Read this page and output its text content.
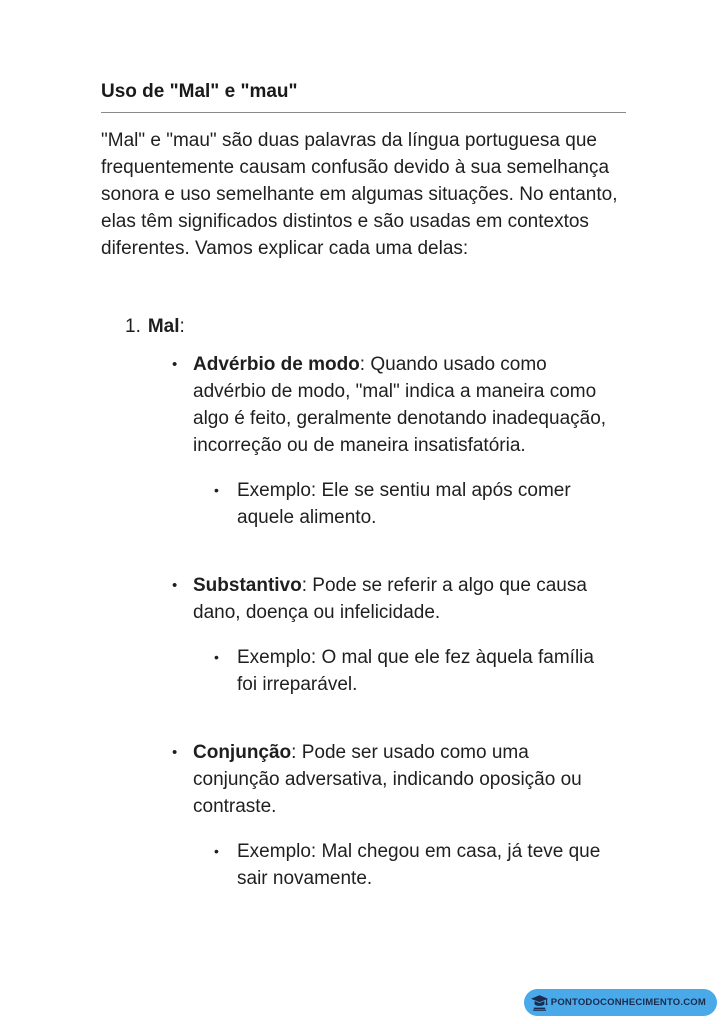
Uso de "Mal" e "mau"

"Mal" e "mau" são duas palavras da língua portuguesa que frequentemente causam confusão devido à sua semelhança sonora e uso semelhante em algumas situações. No entanto, elas têm significados distintos e são usadas em contextos diferentes. Vamos explicar cada uma delas:

1. Mal:
• Advérbio de modo: Quando usado como advérbio de modo, "mal" indica a maneira como algo é feito, geralmente denotando inadequação, incorreção ou de maneira insatisfatória.
• Exemplo: Ele se sentiu mal após comer aquele alimento.
• Substantivo: Pode se referir a algo que causa dano, doença ou infelicidade.
• Exemplo: O mal que ele fez àquela família foi irreparável.
• Conjunção: Pode ser usado como uma conjunção adversativa, indicando oposição ou contraste.
• Exemplo: Mal chegou em casa, já teve que sair novamente.
PONTODOCONHECIMENTO.COM
